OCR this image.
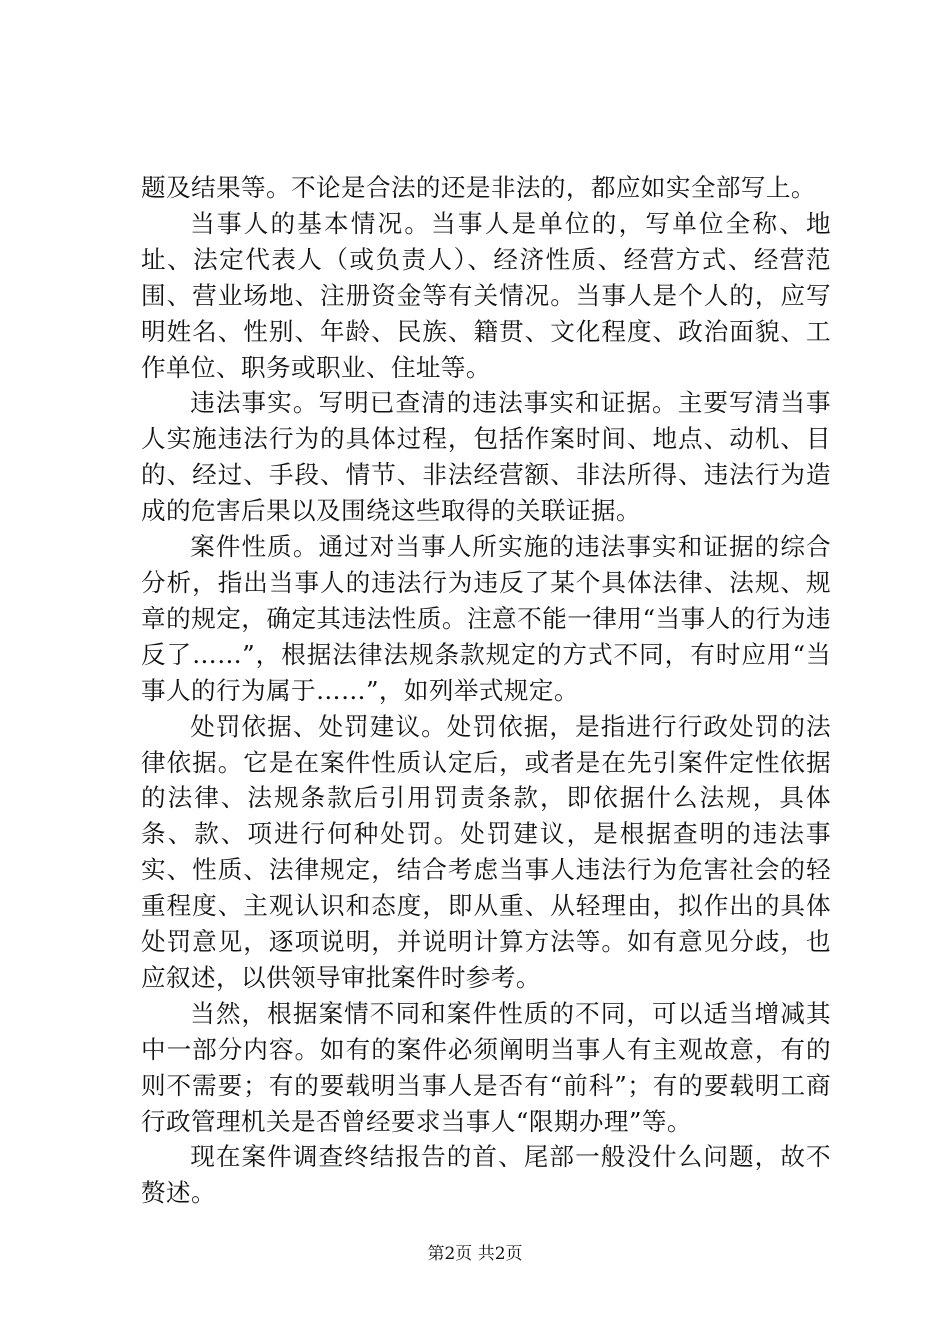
题及结果等。不论是合法的还是非法的，都应如实全部写上。

当事人的基本情况。当事人是单位的，写单位全称、地址、法定代表人（或负责人）、经济性质、经营方式、经营范围、营业场地、注册资金等有关情况。当事人是个人的，应写明姓名、性别、年龄、民族、籍贯、文化程度、政治面貌、工作单位、职务或职业、住址等。

违法事实。写明已查清的违法事实和证据。主要写清当事人实施违法行为的具体过程，包括作案时间、地点、动机、目的、经过、手段、情节、非法经营额、非法所得、违法行为造成的危害后果以及围绕这些取得的关联证据。

案件性质。通过对当事人所实施的违法事实和证据的综合分析，指出当事人的违法行为违反了某个具体法律、法规、规章的规定，确定其违法性质。注意不能一律用“当事人的行为违反了……”，根据法律法规条款规定的方式不同，有时应用“当事人的行为属于……”，如列举式规定。

处罚依据、处罚建议。处罚依据，是指进行行政处罚的法律依据。它是在案件性质认定后，或者是在先引案件定性依据的法律、法规条款后引用罚责条款，即依据什么法规，具体条、款、项进行何种处罚。处罚建议，是根据查明的违法事实、性质、法律规定，结合考虑当事人违法行为危害社会的轻重程度、主观认识和态度，即从重、从轻理由，拟作出的具体处罚意见，逐项说明，并说明计算方法等。如有意见分歧，也应叙述，以供领导审批案件时参考。

当然，根据案情不同和案件性质的不同，可以适当增减其中一部分内容。如有的案件必须阐明当事人有主观故意，有的则不需要；有的要载明当事人是否有“前科”；有的要载明工商行政管理机关是否曾经要求当事人“限期办理”等。

现在案件调查终结报告的首、尾部一般没什么问题，故不赘述。

第2页 共2页
